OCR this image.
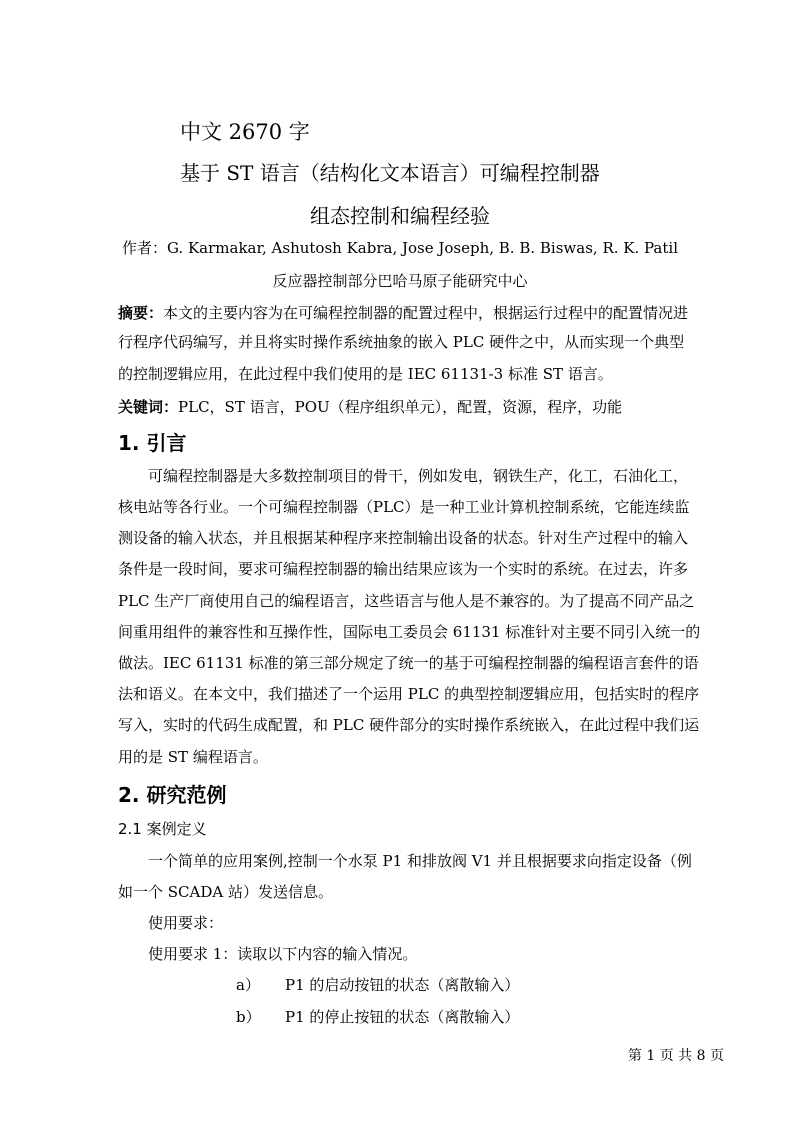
中文 2670 字
基于 ST 语言（结构化文本语言）可编程控制器
组态控制和编程经验
作者：G. Karmakar, Ashutosh Kabra, Jose Joseph, B. B. Biswas, R. K. Patil
反应器控制部分巴哈马原子能研究中心
摘要：本文的主要内容为在可编程控制器的配置过程中，根据运行过程中的配置情况进
行程序代码编写，并且将实时操作系统抽象的嵌入 PLC 硬件之中，从而实现一个典型
的控制逻辑应用，在此过程中我们使用的是 IEC 61131-3 标准 ST 语言。
关键词：PLC，ST 语言，POU（程序组织单元），配置，资源，程序，功能
1. 引言
可编程控制器是大多数控制项目的骨干，例如发电，钢铁生产，化工，石油化工，
核电站等各行业。一个可编程控制器（PLC）是一种工业计算机控制系统，它能连续监
测设备的输入状态，并且根据某种程序来控制输出设备的状态。针对生产过程中的输入
条件是一段时间，要求可编程控制器的输出结果应该为一个实时的系统。在过去，许多
PLC 生产厂商使用自己的编程语言，这些语言与他人是不兼容的。为了提高不同产品之
间重用组件的兼容性和互操作性，国际电工委员会 61131 标准针对主要不同引入统一的
做法。IEC 61131 标准的第三部分规定了统一的基于可编程控制器的编程语言套件的语
法和语义。在本文中，我们描述了一个运用 PLC 的典型控制逻辑应用，包括实时的程序
写入，实时的代码生成配置，和 PLC 硬件部分的实时操作系统嵌入，在此过程中我们运
用的是 ST 编程语言。
2. 研究范例
2.1 案例定义
一个简单的应用案例,控制一个水泵 P1 和排放阀 V1 并且根据要求向指定设备（例
如一个 SCADA 站）发送信息。
使用要求：
使用要求 1：读取以下内容的输入情况。
a） P1 的启动按钮的状态（离散输入）
b） P1 的停止按钮的状态（离散输入）
第 1 页 共 8 页
